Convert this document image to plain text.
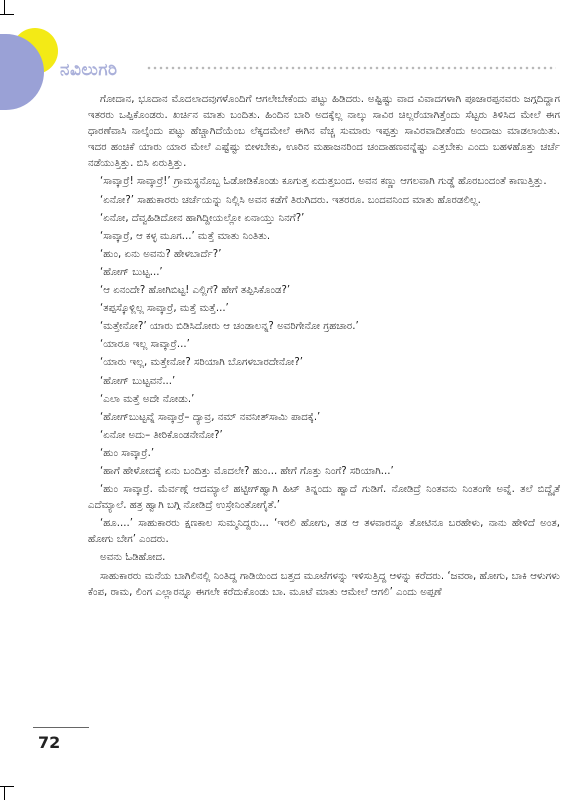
ನವಿಲುಗರಿ

ಗೋದಾನ, ಭೂದಾನ ಮೊದಲಾದವುಗಳೊಂದಿಗೆ ಆಗಲೇಬೇಕೆಂದು ಪಟ್ಟು ಹಿಡಿದರು. ಅಷ್ಟಿಷ್ಟು ವಾದ ವಿವಾದಗಳಾಗಿ ಪೂಜಾರಪ್ಪನವರು ಜಗ್ಗದಿದ್ದಾಗ ಇತರರು ಒಪ್ಪಿಕೊಂಡರು. ಖರ್ಚಿನ ಮಾತು ಬಂದಿತು. ಹಿಂದಿನ ಬಾರಿ ಅದಕ್ಕೆಲ್ಲ ನಾಲ್ಕು ಸಾವಿರ ಚಿಲ್ಲರೆಯಾಗಿತ್ತೆಂದು ಸೆಟ್ಟರು ತಿಳಿಸಿದ ಮೇಲೆ ಈಗ ಧಾರಣೆವಾಸಿ ನಾಲ್ಕೆಂದು ಪಟ್ಟು ಹೆಚ್ಚಾಗಿದೆಯೆಂಬ ಲೆಕ್ಕದಮೇಲೆ ಈಗಿನ ವೆಚ್ಚ ಸುಮಾರು ಇಪ್ಪತ್ತು ಸಾವಿರವಾದೀತೆಂದು ಅಂದಾಜು ಮಾಡಲಾಯಿತು. ಇದರ ಹಂಚಿಕೆ ಯಾರು ಯಾರ ಮೇಲೆ ಎಷ್ಟೆಷ್ಟು ಬೀಳಬೇಕು, ಊರಿನ ಮಹಾಜನರಿಂದ ಚಂದಾಹಣವನ್ನೆಷ್ಟು ಎತ್ತಬೇಕು ಎಂದು ಬಹಳಹೊತ್ತು ಚರ್ಚೆ ನಡೆಯುತ್ತಿತ್ತು. ಬಿಸಿ ಏರುತ್ತಿತ್ತು.

‘ಸಾವ್ಕಾರ್ರೆ! ಸಾವ್ಕಾರ್ರೆ!’ ಗ್ರಾಮಸ್ಥನೊಬ್ಬ ಓಡೋಡಿಕೊಂಡು ಕೂಗುತ್ತ ಏದುತ್ತಬಂದ. ಅವನ ಕಣ್ಣು ಆಗಲವಾಗಿ ಗುಡ್ಡೆ ಹೊರಬಂದಂತೆ ಕಾಣುತ್ತಿತ್ತು.

‘ಏನೋ?’ ಸಾಹುಕಾರರು ಚರ್ಚೆಯನ್ನು ನಿಲ್ಲಿಸಿ ಅವನ ಕಡೆಗೆ ತಿರುಗಿದರು. ಇತರರೂ. ಬಂದವನಿಂದ ಮಾತು ಹೊರಡಲಿಲ್ಲ.

‘ಏನೋ, ದೆವ್ವಹಿಡಿದೋನ ಹಾಗಿದ್ದೀಯಲ್ಲೋ ಏನಾಯ್ತು ನಿನಗೆ?’

‘ಸಾವ್ಕಾರ್ರೆ, ಆ ಕಳ್ಳ ಮೂಗ...’ ಮತ್ತೆ ಮಾತು ನಿಂತಿತು.

‘ಹುಂ, ಏನು ಅವನು? ಹೇಳಬಾರ್ದೆ?’

‘ಹೋಗ್ ಬುಟ್ಟ...’

‘ಆ ಏನಂದೇ? ಹೋಗಿಬಿಟ್ಟ! ಎಲ್ಲಿಗೆ? ಹೇಗೆ ತಪ್ಪಿಸಿಕೊಂಡ?’

‘ತಪ್ಪಸ್ಕೊಳ್ಲಿಲ್ಲ ಸಾವ್ಕಾರ್ರೆ, ಮತ್ತೆ ಮತ್ತೆ...’

‘ಮತ್ತೇನೋ?’ ಯಾರು ಬಿಡಿಸಿದೋರು ಆ ಚಂಡಾಲನ್ನ? ಅವರಿಗೇನೋ ಗ್ರಹಚಾರ.’

‘ಯಾರೂ ಇಲ್ಲ ಸಾವ್ಕಾರ್ರೆ...’

‘ಯಾರು ಇಲ್ಲ, ಮತ್ತೇನೋ? ಸರಿಯಾಗಿ ಬೊಗಳಬಾರದೇನೋ?’

‘ಹೋಗ್ ಬುಟ್ಟವನೆ...’

‘ಎಲಾ ಮತ್ತೆ ಅದೇ ನೋಡು.’

‘ಹೋಗ್‌ಬುಟ್ಟವ್ನೆ ಸಾವ್ಕಾರ್ರೆ– ದ್ಯಾವ್ರ, ನಮ್ ನವನೀತ್‌ಸಾಮಿ ಪಾದಕ್ಕೆ.’

‘ಏನೋ ಅದು– ತೀರಿಕೊಂಡನೇನೋ?’

‘ಹುಂ ಸಾವ್ಕಾರ್ರೆ.’

‘ಹಾಗೆ ಹೇಳೋದಕ್ಕೆ ಏನು ಬಂದಿತ್ತು ಮೊದಲೇ? ಹುಂ... ಹೇಗೆ ಗೊತ್ತು ನಿಂಗೆ? ಸರಿಯಾಗಿ...’

‘ಹುಂ ಸಾವ್ಕಾರ್ರೆ. ಮೆರ್ವಣ್ಗೆ ಆದಮ್ಯಾಲೆ ಹಟ್ಟೀಗ್‌ಹ್ವಾಗಿ ಹಿಟ್ ತಿನ್ನಂದು ಹ್ವಾದೆ ಗುಡಿಗೆ. ನೋಡಿದ್ರೆ ನಿಂತವನು ನಿಂತಂಗೇ ಅವ್ನೆ. ತಲೆ ಬಿದ್ದೈತೆ ಎದೆಮ್ಯಾಲೆ. ಹತ್ರ ಹ್ವಾಗಿ ಬಗ್ಗಿ ನೋಡಿದ್ರೆ ಉಸ್ರೇನಿಂತೋಗೈತೆ.’

‘ಹೂ....’ ಸಾಹುಕಾರರು ಕ್ಷಣಕಾಲ ಸುಮ್ಮನಿದ್ದರು... ‘ಇರಲಿ ಹೋಗು, ತಡ ಆ ತಳವಾರನ್ನೂ ತೋಟಿನೂ ಬರಹೇಳು, ನಾನು ಹೇಳಿದೆ ಅಂತ, ಹೋಗು ಬೇಗ’ ಎಂದರು.

ಅವನು ಓಡಿಹೋದ.

ಸಾಹುಕಾರರು ಮನೆಯ ಬಾಗಿಲಿನಲ್ಲಿ ನಿಂತಿದ್ದ ಗಾಡಿಯಿಂದ ಬತ್ತದ ಮೂಟೆಗಳನ್ನು ಇಳಿಸುತ್ತಿದ್ದ ಆಳನ್ನು ಕರೆದರು. ‘ಜವರಾ, ಹೋಗು, ಬಾಕಿ ಆಳುಗಳು ಕೆಂಪ, ರಾಮ, ಲಿಂಗ ಎಲ್ಲಾರನ್ನೂ ಈಗಲೇ ಕರೆದುಕೊಂಡು ಬಾ. ಮೂಟೆ ಮಾತು ಆಮೇಲೆ ಆಗಲಿ’ ಎಂದು ಅಪ್ಪಣೆ

72
